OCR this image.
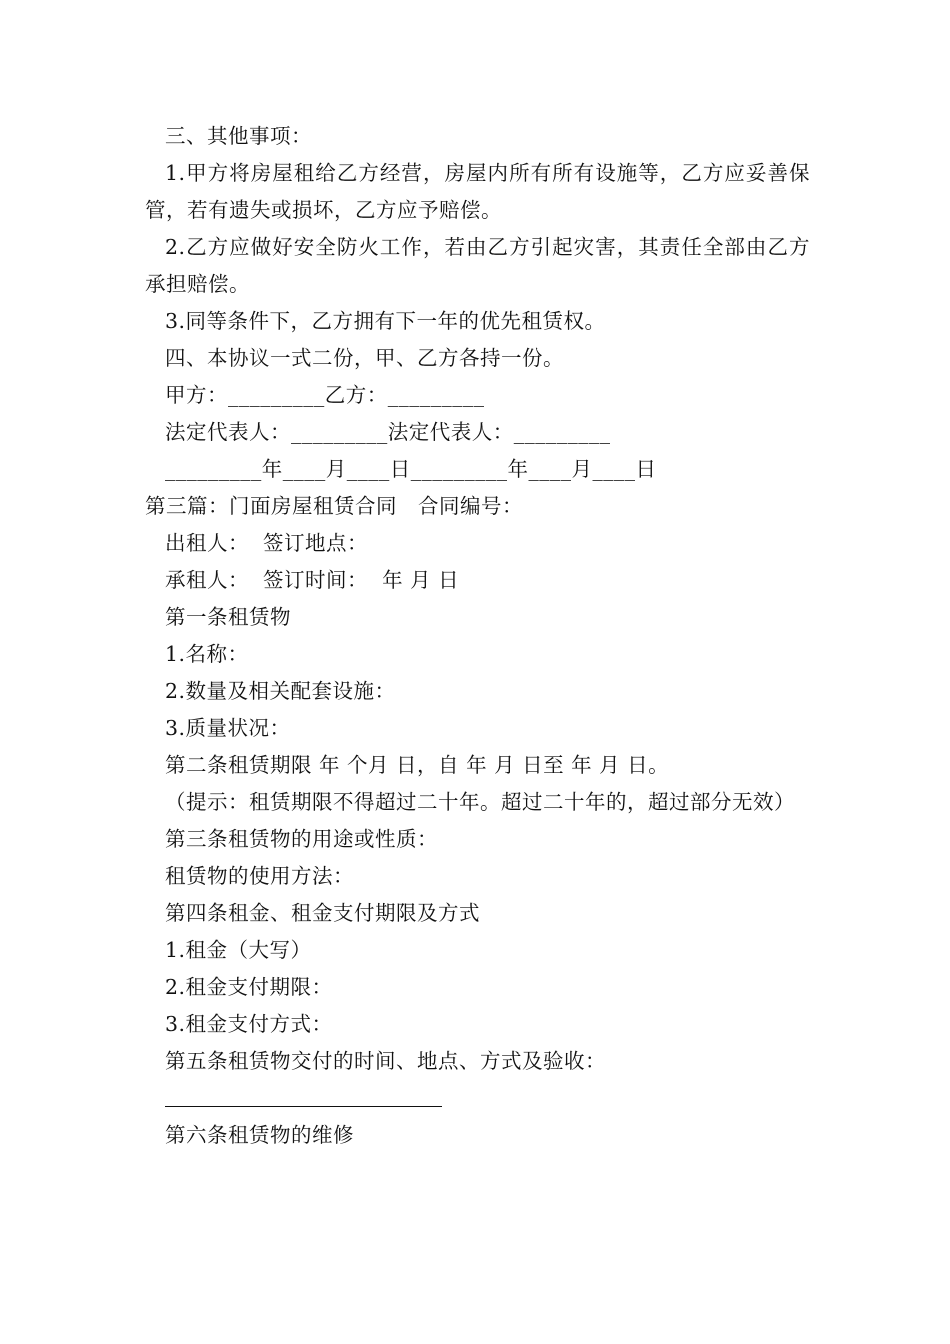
三、其他事项：
1.甲方将房屋租给乙方经营，房屋内所有所有设施等，乙方应妥善保管，若有遗失或损坏，乙方应予赔偿。
2.乙方应做好安全防火工作，若由乙方引起灾害，其责任全部由乙方承担赔偿。
3.同等条件下，乙方拥有下一年的优先租赁权。
四、本协议一式二份，甲、乙方各持一份。
甲方：_________乙方：_________
法定代表人：_________法定代表人：_________
_________年____月____日_________年____月____日
第三篇：门面房屋租赁合同　合同编号：
出租人：  签订地点：
承租人：  签订时间：  年 月 日
第一条租赁物
1.名称：
2.数量及相关配套设施：
3.质量状况：
第二条租赁期限 年 个月 日，自 年 月 日至 年 月 日。
（提示：租赁期限不得超过二十年。超过二十年的，超过部分无效）
第三条租赁物的用途或性质：
租赁物的使用方法：
第四条租金、租金支付期限及方式
1.租金（大写）
2.租金支付期限：
3.租金支付方式：
第五条租赁物交付的时间、地点、方式及验收：
第六条租赁物的维修
